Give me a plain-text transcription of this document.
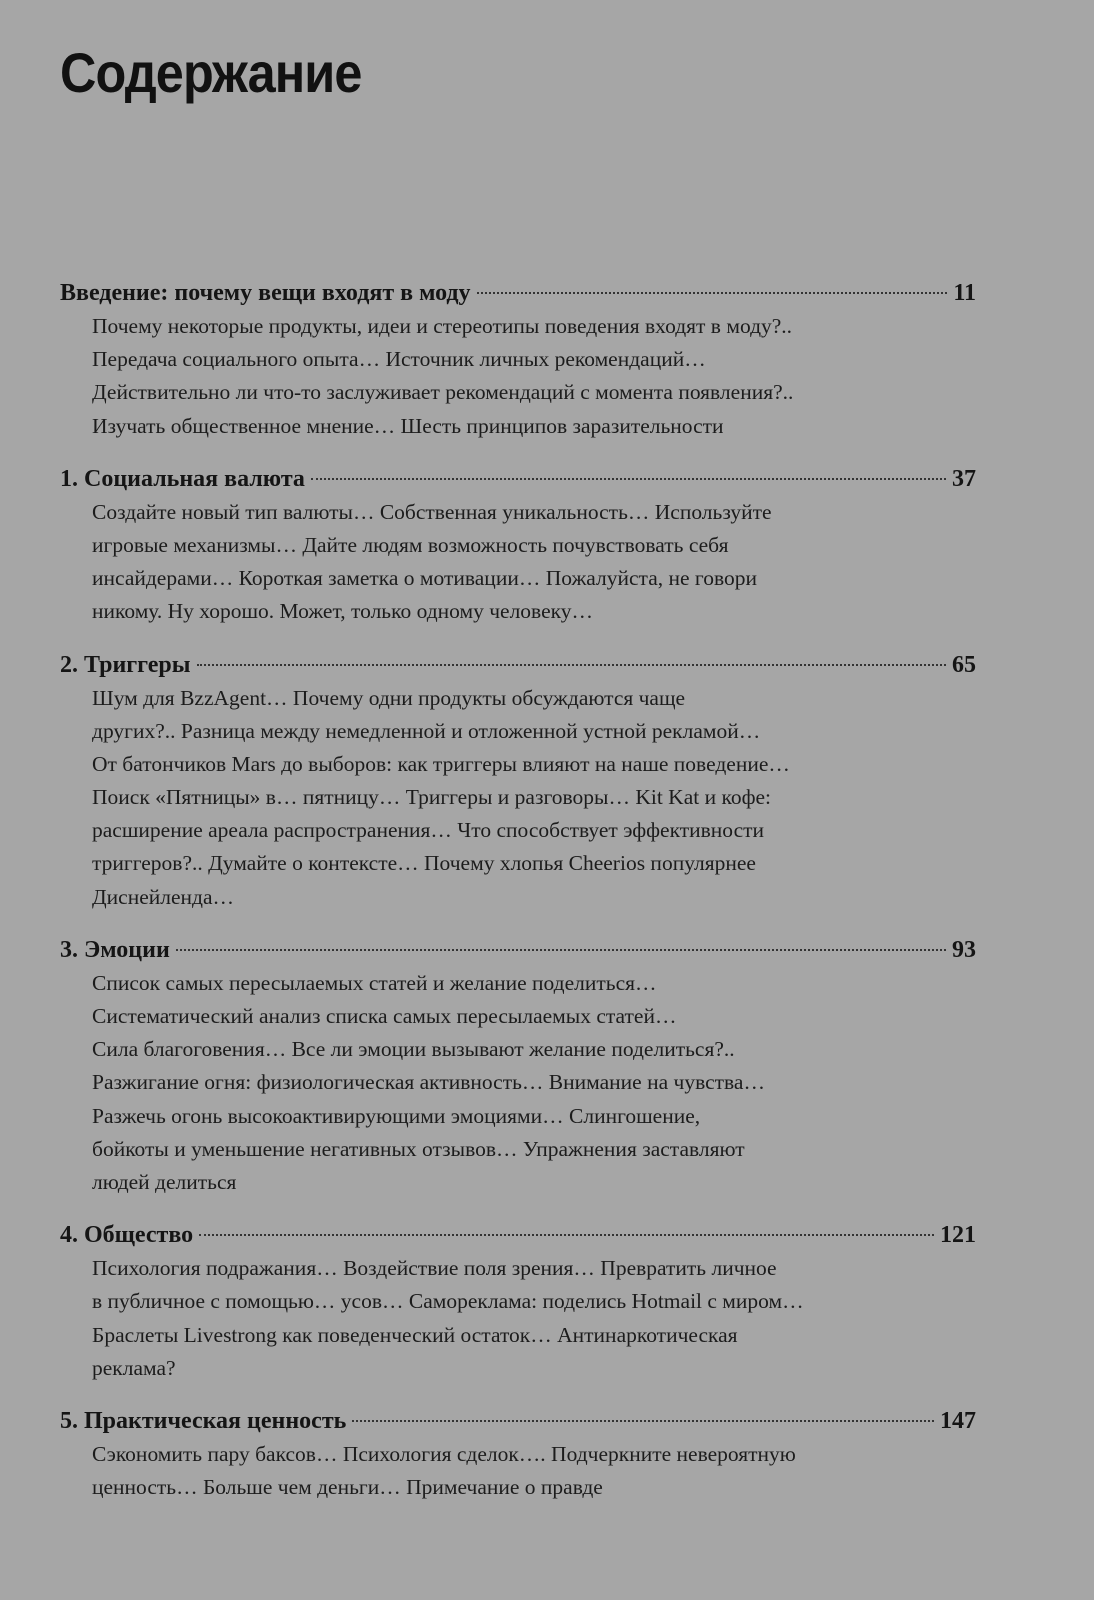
Содержание
Введение: почему вещи входят в моду	11
Почему некоторые продукты, идеи и стереотипы поведения входят в моду?..
Передача социального опыта… Источник личных рекомендаций…
Действительно ли что-то заслуживает рекомендаций с момента появления?..
Изучать общественное мнение… Шесть принципов заразительности
1. Социальная валюта	37
Создайте новый тип валюты… Собственная уникальность… Используйте
игровые механизмы… Дайте людям возможность почувствовать себя
инсайдерами… Короткая заметка о мотивации… Пожалуйста, не говори
никому. Ну хорошо. Может, только одному человеку…
2. Триггеры	65
Шум для BzzAgent… Почему одни продукты обсуждаются чаще
других?.. Разница между немедленной и отложенной устной рекламой…
От батончиков Mars до выборов: как триггеры влияют на наше поведение…
Поиск «Пятницы» в… пятницу… Триггеры и разговоры… Kit Kat и кофе:
расширение ареала распространения… Что способствует эффективности
триггеров?.. Думайте о контексте… Почему хлопья Cheerios популярнее
Диснейленда…
3. Эмоции	93
Список самых пересылаемых статей и желание поделиться…
Систематический анализ списка самых пересылаемых статей…
Сила благоговения… Все ли эмоции вызывают желание поделиться?..
Разжигание огня: физиологическая активность… Внимание на чувства…
Разжечь огонь высокоактивирующими эмоциями… Слингошение,
бойкоты и уменьшение негативных отзывов… Упражнения заставляют
людей делиться
4. Общество	121
Психология подражания… Воздействие поля зрения… Превратить личное
в публичное с помощью… усов… Самореклама: поделись Hotmail с миром…
Браслеты Livestrong как поведенческий остаток… Антинаркотическая
реклама?
5. Практическая ценность	147
Сэкономить пару баксов… Психология сделок…. Подчеркните невероятную
ценность… Больше чем деньги… Примечание о правде
